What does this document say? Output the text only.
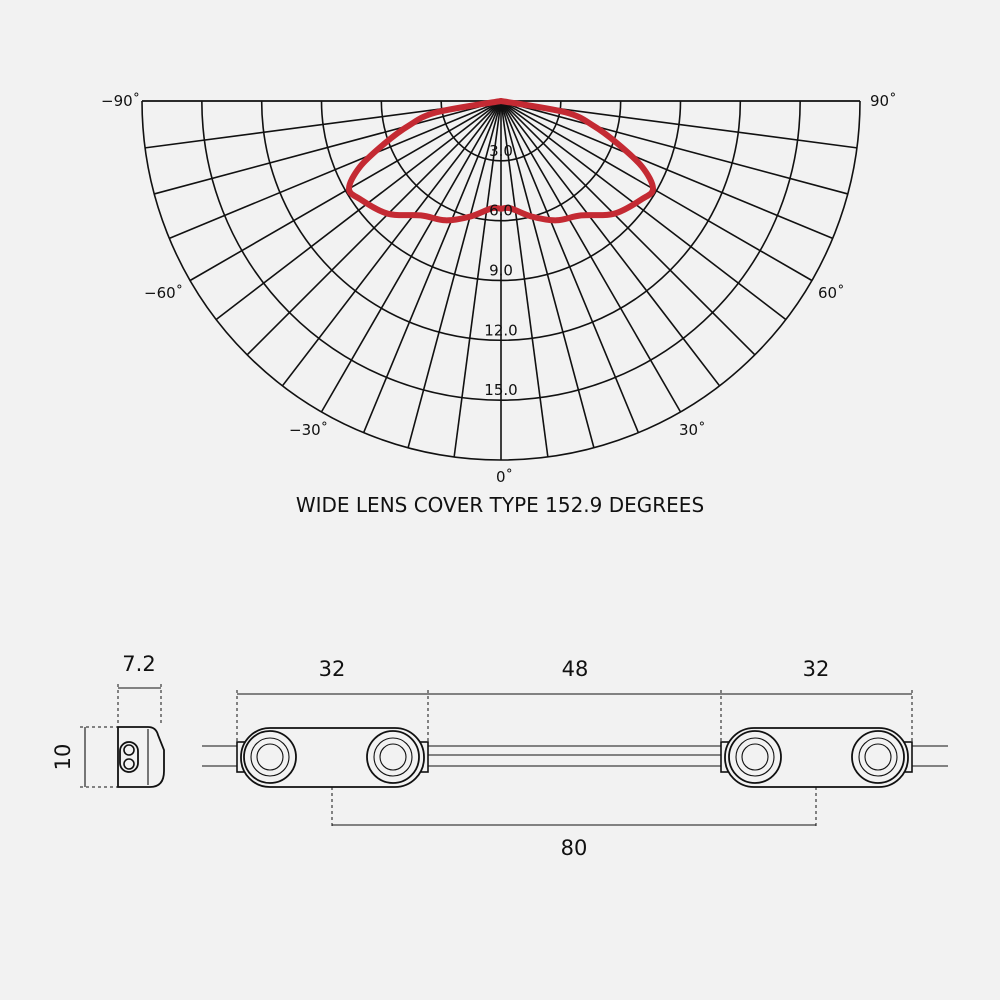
3.0
6.0
9.0
12.0
15.0
−90˚	90˚
−60˚	60˚
−30˚	30˚
0˚
WIDE LENS COVER TYPE 152.9 DEGREES
7.2
10
32	48	32
80
